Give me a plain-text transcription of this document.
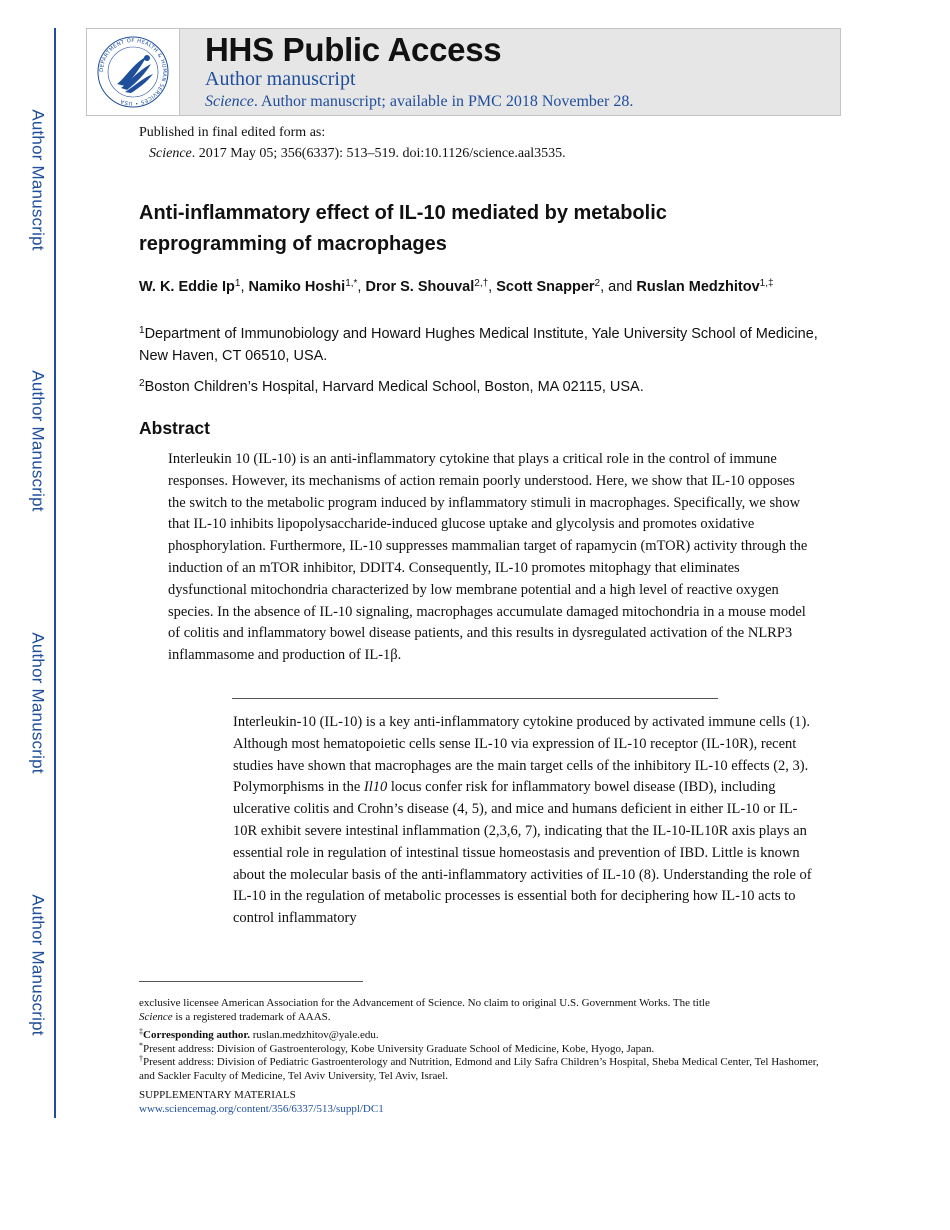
Author Manuscript
Author Manuscript
Author Manuscript
Author Manuscript
DEPARTMENT OF HEALTH & HUMAN SERVICES • USA
HHS Public Access
Author manuscript
Science. Author manuscript; available in PMC 2018 November 28.
Published in final edited form as:
Science. 2017 May 05; 356(6337): 513–519. doi:10.1126/science.aal3535.
Anti-inflammatory effect of IL-10 mediated by metabolic reprogramming of macrophages
W. K. Eddie Ip$^1$, Namiko Hoshi$^{1,*}$, Dror S. Shouval$^{2,\dagger}$, Scott Snapper$^2$, and Ruslan Medzhitov$^{1,\ddagger}$
$^1$Department of Immunobiology and Howard Hughes Medical Institute, Yale University School of Medicine, New Haven, CT 06510, USA.
$^2$Boston Children’s Hospital, Harvard Medical School, Boston, MA 02115, USA.
Abstract

Interleukin 10 (IL-10) is an anti-inflammatory cytokine that plays a critical role in the control of immune responses. However, its mechanisms of action remain poorly understood. Here, we show that IL-10 opposes the switch to the metabolic program induced by inflammatory stimuli in macrophages. Specifically, we show that IL-10 inhibits lipopolysaccharide-induced glucose uptake and glycolysis and promotes oxidative phosphorylation. Furthermore, IL-10 suppresses mammalian target of rapamycin (mTOR) activity through the induction of an mTOR inhibitor, DDIT4. Consequently, IL-10 promotes mitophagy that eliminates dysfunctional mitochondria characterized by low membrane potential and a high level of reactive oxygen species. In the absence of IL-10 signaling, macrophages accumulate damaged mitochondria in a mouse model of colitis and inflammatory bowel disease patients, and this results in dysregulated activation of the NLRP3 inflammasome and production of IL-1β.

Interleukin-10 (IL-10) is a key anti-inflammatory cytokine produced by activated immune cells (1). Although most hematopoietic cells sense IL-10 via expression of IL-10 receptor (IL-10R), recent studies have shown that macrophages are the main target cells of the inhibitory IL-10 effects (2, 3). Polymorphisms in the Il10 locus confer risk for inflammatory bowel disease (IBD), including ulcerative colitis and Crohn’s disease (4, 5), and mice and humans deficient in either IL-10 or IL-10R exhibit severe intestinal inflammation (2,3,6, 7), indicating that the IL-10-IL10R axis plays an essential role in regulation of intestinal tissue homeostasis and prevention of IBD. Little is known about the molecular basis of the anti-inflammatory activities of IL-10 (8). Understanding the role of IL-10 in the regulation of metabolic processes is essential both for deciphering how IL-10 acts to control inflammatory

exclusive licensee American Association for the Advancement of Science. No claim to original U.S. Government Works. The title
Science is a registered trademark of AAAS.

‡Corresponding author. ruslan.medzhitov@yale.edu.

*Present address: Division of Gastroenterology, Kobe University Graduate School of Medicine, Kobe, Hyogo, Japan.

†Present address: Division of Pediatric Gastroenterology and Nutrition, Edmond and Lily Safra Children’s Hospital, Sheba Medical Center, Tel Hashomer, and Sackler Faculty of Medicine, Tel Aviv University, Tel Aviv, Israel.

SUPPLEMENTARY MATERIALS

www.sciencemag.org/content/356/6337/513/suppl/DC1
